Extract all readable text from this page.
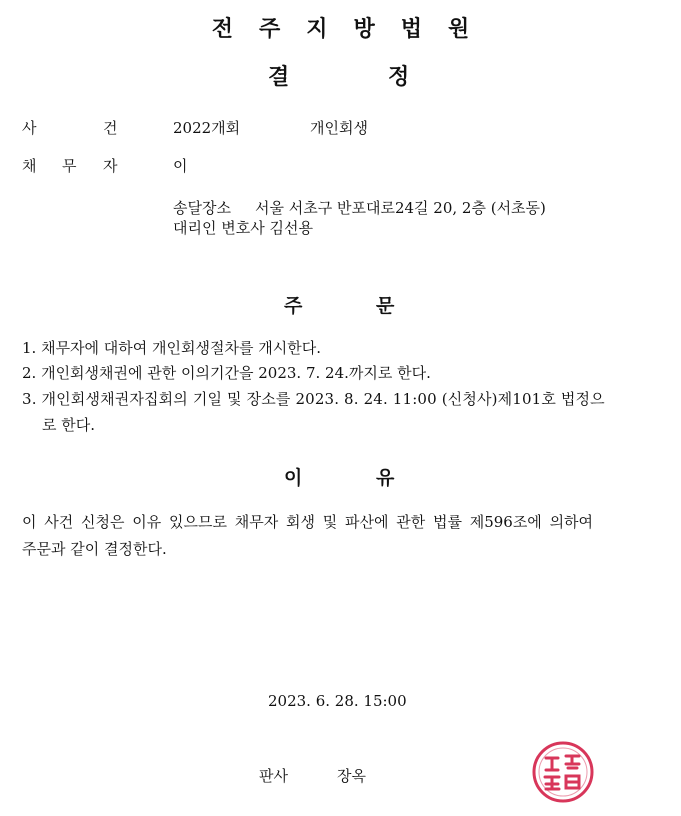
전주지방법원
결	정
사	건	2022개회	개인회생
채 무 자	이
송달장소 서울 서초구 반포대로24길 20, 2층 (서초동)
대리인 변호사 김선용
주	문
1. 채무자에 대하여 개인회생절차를 개시한다.
2. 개인회생채권에 관한 이의기간을 2023. 7. 24.까지로 한다.
3. 개인회생채권자집회의 기일 및 장소를 2023. 8. 24. 11:00 (신청사)제101호 법정으
로 한다.
이	유
이 사건 신청은 이유 있으므로 채무자 회생 및 파산에 관한 법률 제596조에 의하여
주문과 같이 결정한다.
2023. 6. 28. 15:00
판사	장옥
